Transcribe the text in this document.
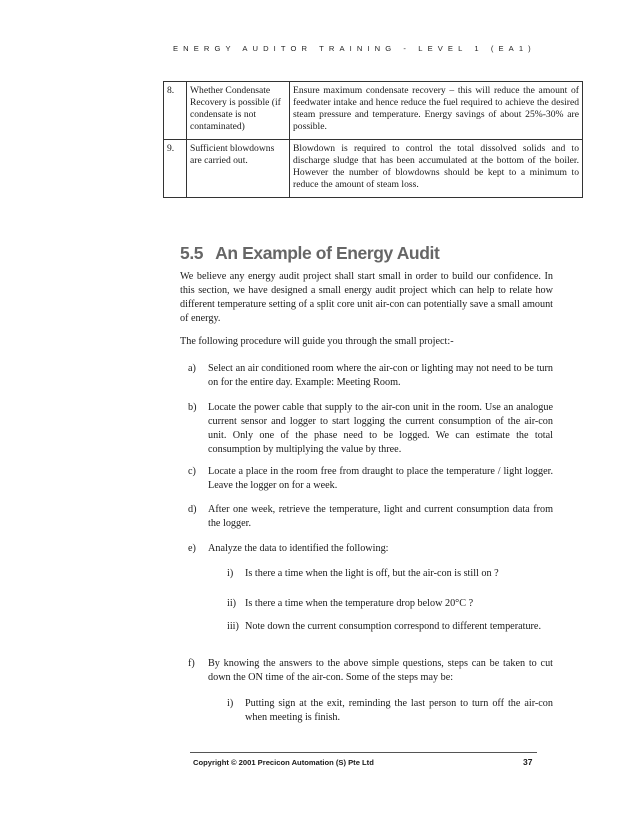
ENERGY AUDITOR TRAINING - LEVEL 1 (EA1)
8.	Whether Condensate Recovery is possible (if condensate is not contaminated)	Ensure maximum condensate recovery – this will reduce the amount of feedwater intake and hence reduce the fuel required to achieve the desired steam pressure and temperature. Energy savings of about 25%-30% are possible.
9.	Sufficient blowdowns are carried out.	Blowdown is required to control the total dissolved solids and to discharge sludge that has been accumulated at the bottom of the boiler. However the number of blowdowns should be kept to a minimum to reduce the amount of steam loss.
5.5 An Example of Energy Audit
We believe any energy audit project shall start small in order to build our confidence. In this section, we have designed a small energy audit project which can help to relate how different temperature setting of a split core unit air-con can potentially save a small amount of energy.
The following procedure will guide you through the small project:-
a) Select an air conditioned room where the air-con or lighting may not need to be turn on for the entire day. Example: Meeting Room.
b) Locate the power cable that supply to the air-con unit in the room. Use an analogue current sensor and logger to start logging the current consumption of the air-con unit. Only one of the phase need to be logged. We can estimate the total consumption by multiplying the value by three.
c) Locate a place in the room free from draught to place the temperature / light logger. Leave the logger on for a week.
d) After one week, retrieve the temperature, light and current consumption data from the logger.
e) Analyze the data to identified the following:
i) Is there a time when the light is off, but the air-con is still on ?
ii) Is there a time when the temperature drop below 20°C ?
iii) Note down the current consumption correspond to different temperature.
f) By knowing the answers to the above simple questions, steps can be taken to cut down the ON time of the air-con. Some of the steps may be:
i) Putting sign at the exit, reminding the last person to turn off the air-con when meeting is finish.
Copyright © 2001 Precicon Automation (S) Pte Ltd	37
